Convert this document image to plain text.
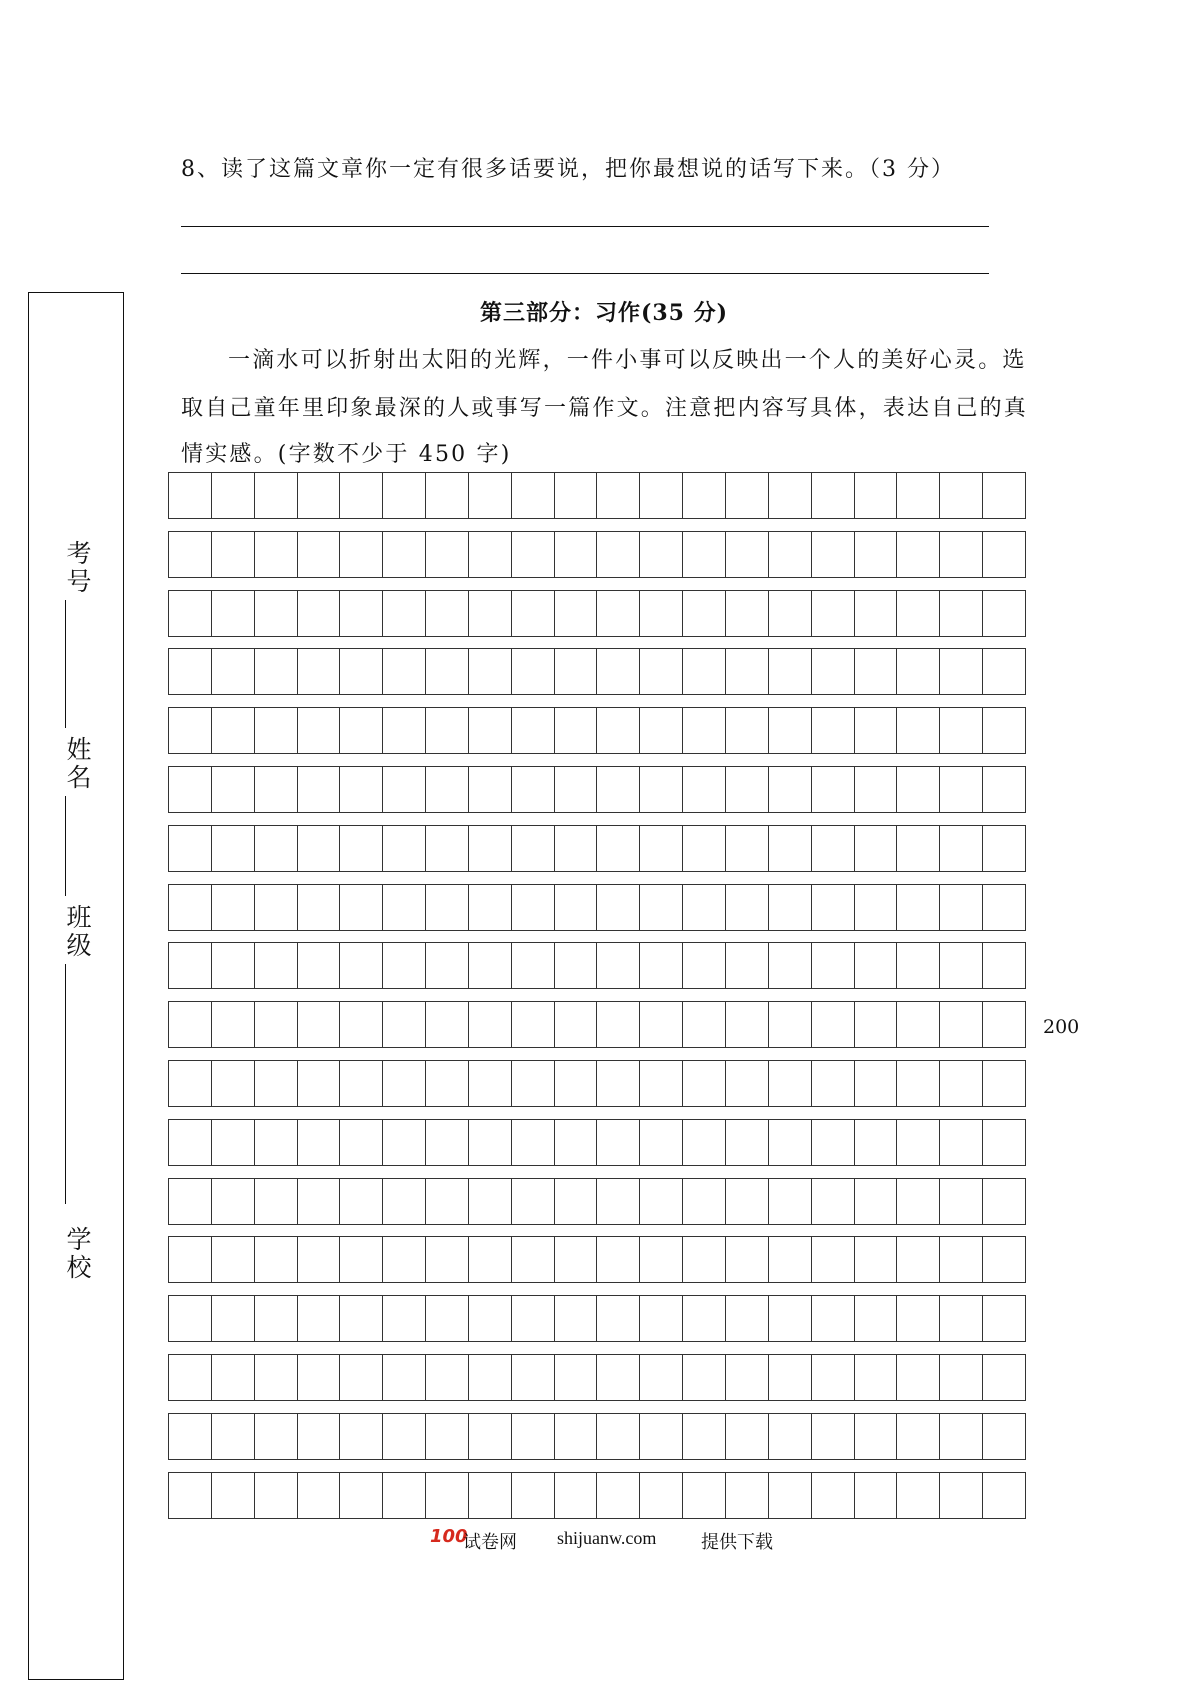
8、读了这篇文章你一定有很多话要说，把你最想说的话写下来。（3 分）
考
号
姓
名
班
级
学
校
第三部分：习作(35 分)
一滴水可以折射出太阳的光辉，一件小事可以反映出一个人的美好心灵。选
取自己童年里印象最深的人或事写一篇作文。注意把内容写具体，表达自己的真
情实感。(字数不少于 450 字)
200
100
试卷网 shijuanw.com 提供下载
